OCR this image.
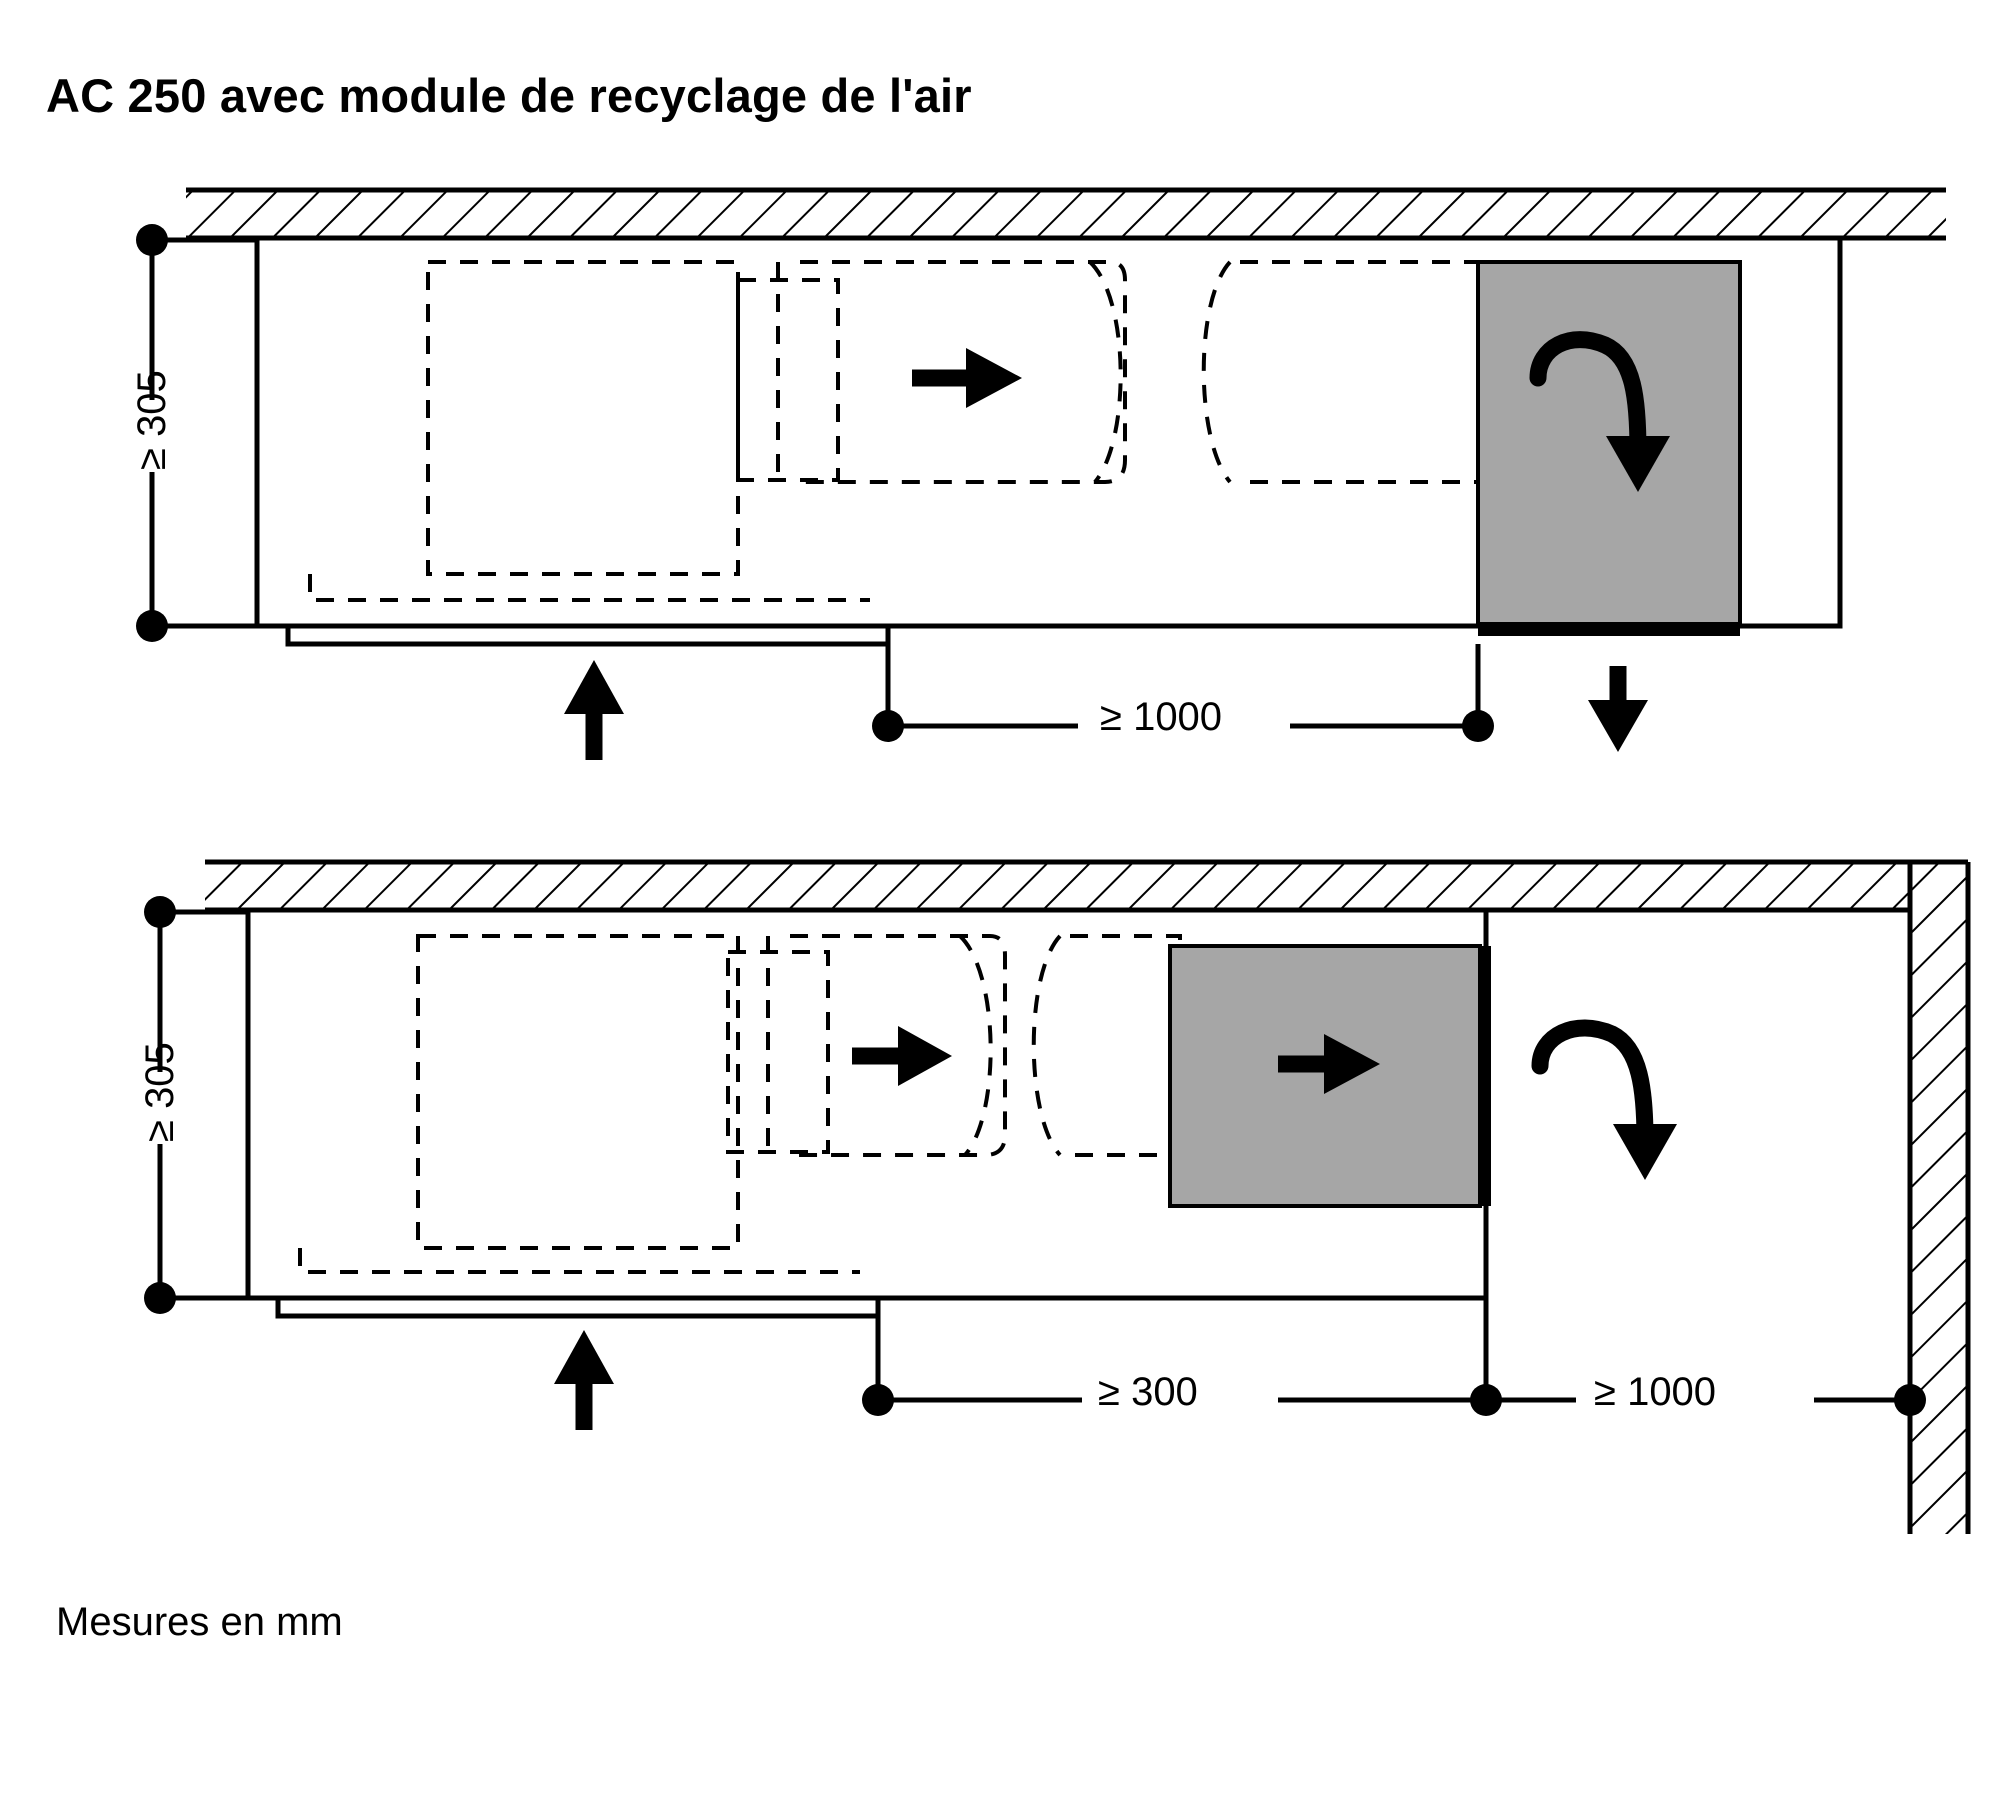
AC 250 avec module de recyclage de l'air
≥ 305
≥ 1000
≥ 305
≥ 300	≥ 1000
Mesures en mm
